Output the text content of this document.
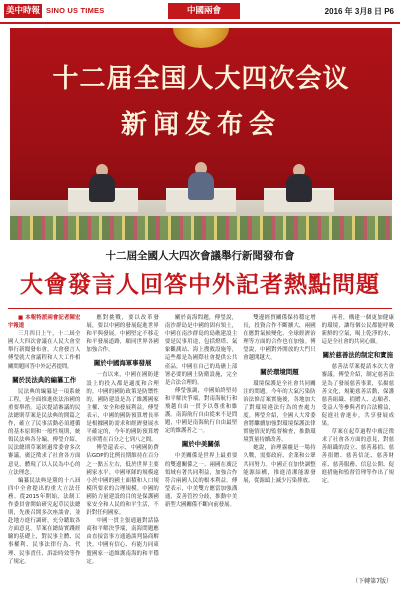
美中時報 SINO US TIMES	中國兩會	2016 年 3月8 日 P6
十二届全国人大四次会议
新闻发布会
十二屆全國人大四次會議舉行新聞發布會
大會發言人回答中外記者熱點問題

■ 本報特派兩會記者陳宏宇報道

三月四日上午，十二屆全國人大四次會議在人民大會堂舉行新聞發布會。大會發言人傅瑩就大會議程和人大工作相關問題回答中外記者提問。

關於民法典的編纂工作

民法典的編纂是一項系統工程，是全面推進依法治國的重要舉措。這次提請審議的民法總則草案是民法典的開篇之作，確立了民事活動必須遵循的基本原則和一般性規則，統領民法典各分編。傅瑩介紹，民法總則草案經過常委會多次審議，廣泛徵求了社會各方面意見，體現了以人民為中心的立法理念。

編纂民法典是黨的十八屆四中全會提出的重大立法任務。從2015年開始，法制工作委員會開始研究起草民法總則，先後召開多次座談會，並赴地方進行調研，充分聽取各方面意見。草案在總結實踐經驗的基礎上，對民事主體、民事權利、民事法律行為、代理、民事責任、訴訟時效等作了規定。

應對挑戰，要以改革發展，要以中國的發展促進世界和平與發展。中國堅定不移走和平發展道路，願同世界各國加強合作。

關於中國海軍事發展

一直以來，中國在國防建設上的投入都是適度和合理的。中國的國防政策是防禦性的，國防建設是為了維護國家主權、安全和發展利益。傅瑩表示，中國的國防預算增長率是根據國防需求和經濟發展水平確定的，今年的國防預算增長率將在百分之七到八之間。

傅瑩還表示，中國國防費佔GDP的比例長期維持在百分之一點五左右，低於世界主要國家水平。中國軍隊的規模遠小於中國的國土面積和人口規模所要求的合理規模。中國的國防力量建設的目的是保護國家安全和人民的和平生活，不針對任何國家。

中國一貫主張通過對話協商和平解決爭端，南海問題應由直接當事方通過談判協商解決。中國有信心、有能力同東盟國家一道維護南海的和平穩定。

關於南海問題，傅瑩說，南沙群島是中國的固有領土，中國在南沙群島的島礁建設主要是民事用途，包括燈塔、氣象觀測站、海上搜救設施等，這些都是為國際社會提供公共產品。中國在自己的島礁上部署必要的國土防衛設施，完全是合法合理的。

傅瑩強調，中國始終堅持和平解決爭端，對南海航行和飛越自由一貫予以尊重和維護。南海航行自由從來不是問題，中國是南海航行自由最堅定的維護者之一。

關於中美關係

中美關係是世界上最重要的雙邊關係之一。兩國在廣泛領域有著共同利益，加強合作符合兩國人民的根本利益。傅瑩表示，中美雙方應當加強溝通，妥善管控分歧，推動中美新型大國關係不斷向前發展。

雙邊經貿關係保持穩定增長，投資合作不斷擴大，兩國在應對氣候變化、全球經濟治理等方面的合作也在加強。傅瑩說，中國對外開放的大門只會越開越大。

關於環境問題

環境保護是全社會共同關注的問題。今年的大氣污染防治法修訂案實施後，各地加大了對環境違法行為的查處力度。傅瑩介紹，全國人大常委會將繼續加強對環境保護法律實施情況的監督檢查，推動環境質量持續改善。

她說，治理霧霾是一場持久戰，需要政府、企業和公眾共同努力。中國正在加快調整能源結構，推進清潔能源發展，從源頭上減少污染排放。

再者，構建一個更加健康的環境，讓每個公民都能呼吸新鮮的空氣，喝上乾淨的水，這是全社會的共同心願。

關於慈善法的制定和實施

慈善法草案提請本次大會審議。傅瑩介紹，制定慈善法是為了發展慈善事業，弘揚慈善文化，規範慈善活動，保護慈善組織、捐贈人、志願者、受益人等參與者的合法權益，促進社會進步，共享發展成果。

草案在起草過程中廣泛徵求了社會各方面的意見，對慈善組織的設立、慈善募捐、慈善捐贈、慈善信託、慈善財產、慈善服務、信息公開、促進措施和監督管理等作出了規定。

（下轉第7版）
